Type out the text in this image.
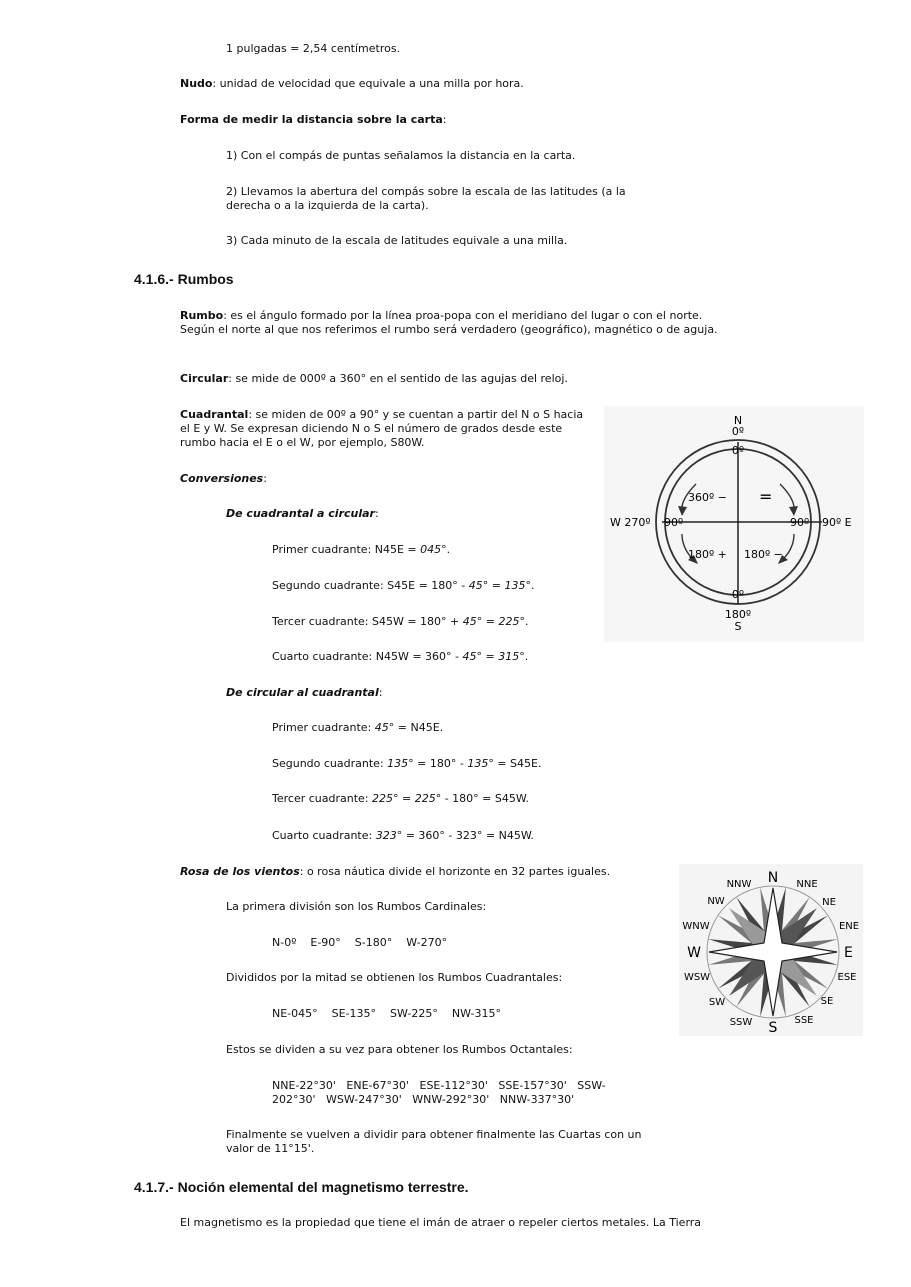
1 pulgadas = 2,54 centímetros.
Nudo: unidad de velocidad que equivale a una milla por hora.
Forma de medir la distancia sobre la carta:
1) Con el compás de puntas señalamos la distancia en la carta.
2) Llevamos la abertura del compás sobre la escala de las latitudes (a la derecha o a la izquierda de la carta).
3) Cada minuto de la escala de latitudes equivale a una milla.
4.1.6.- Rumbos
Rumbo: es el ángulo formado por la línea proa-popa con el meridiano del lugar o con el norte. Según el norte al que nos referimos el rumbo será verdadero (geográfico), magnético o de aguja.
Circular: se mide de 000º a 360° en el sentido de las agujas del reloj.
Cuadrantal: se miden de 00º a 90° y se cuentan a partir del N o S hacia el E y W. Se expresan diciendo N o S el número de grados desde este rumbo hacia el E o el W, por ejemplo, S80W.
Conversiones:
De cuadrantal a circular:
Primer cuadrante: N45E = 045°.
Segundo cuadrante: S45E = 180° - 45° = 135°.
Tercer cuadrante: S45W = 180° + 45° = 225°.
Cuarto cuadrante: N45W = 360° - 45° = 315°.
De circular al cuadrantal:
Primer cuadrante: 45° = N45E.
Segundo cuadrante: 135° = 180° - 135° = S45E.
Tercer cuadrante: 225° = 225° - 180° = S45W.
Cuarto cuadrante: 323° = 360° - 323° = N45W.
Rosa de los vientos: o rosa náutica divide el horizonte en 32 partes iguales.
La primera división son los Rumbos Cardinales:
N-0º    E-90°    S-180°    W-270°
Divididos por la mitad se obtienen los Rumbos Cuadrantales:
NE-045°    SE-135°    SW-225°    NW-315°
Estos se dividen a su vez para obtener los Rumbos Octantales:
NNE-22°30'   ENE-67°30'   ESE-112°30'   SSE-157°30'   SSW-202°30'   WSW-247°30'   WNW-292°30'   NNW-337°30'
Finalmente se vuelven a dividir para obtener finalmente las Cuartas con un valor de 11°15'.
4.1.7.- Noción elemental del magnetismo terrestre.
El magnetismo es la propiedad que tiene el imán de atraer o repeler ciertos metales. La Tierra
N
0º
0º
0º
180º
S
W 270º 90º	90º 90º E
360º − =
180º + 180º −
N
E
S
W
NNE
NE
ENE
ESE
SE
SSE
SSW
SW
WSW
WNW
NW
NNW
